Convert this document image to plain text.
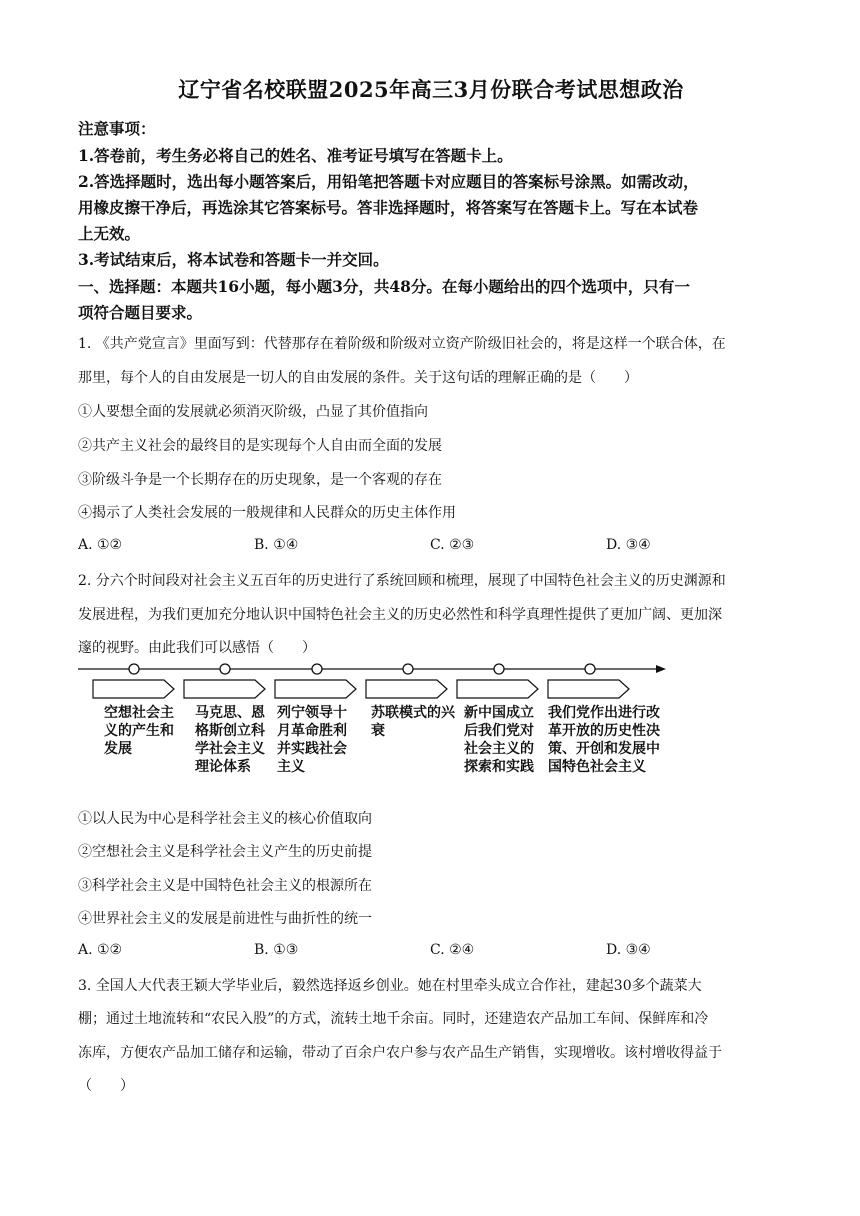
辽宁省名校联盟2025年高三3月份联合考试思想政治
注意事项：
1.答卷前，考生务必将自己的姓名、准考证号填写在答题卡上。
2.答选择题时，选出每小题答案后，用铅笔把答题卡对应题目的答案标号涂黑。如需改动，
用橡皮擦干净后，再选涂其它答案标号。答非选择题时，将答案写在答题卡上。写在本试卷
上无效。
3.考试结束后，将本试卷和答题卡一并交回。
一、选择题：本题共16小题，每小题3分，共48分。在每小题给出的四个选项中，只有一
项符合题目要求。
1. 《共产党宣言》里面写到：代替那存在着阶级和阶级对立资产阶级旧社会的，将是这样一个联合体，在
那里，每个人的自由发展是一切人的自由发展的条件。关于这句话的理解正确的是（　　）
①人要想全面的发展就必须消灭阶级，凸显了其价值指向
②共产主义社会的最终目的是实现每个人自由而全面的发展
③阶级斗争是一个长期存在的历史现象，是一个客观的存在
④揭示了人类社会发展的一般规律和人民群众的历史主体作用
A. ①②	B. ①④	C. ②③	D. ③④
2. 分六个时间段对社会主义五百年的历史进行了系统回顾和梳理，展现了中国特色社会主义的历史渊源和
发展进程，为我们更加充分地认识中国特色社会主义的历史必然性和科学真理性提供了更加广阔、更加深
邃的视野。由此我们可以感悟（　　）
空想社会主义的产生和发展
马克思、恩格斯创立科学社会主义理论体系
列宁领导十月革命胜利并实践社会主义
苏联模式的兴衰
新中国成立后我们党对社会主义的探索和实践
我们党作出进行改革开放的历史性决策、开创和发展中国特色社会主义
①以人民为中心是科学社会主义的核心价值取向
②空想社会主义是科学社会主义产生的历史前提
③科学社会主义是中国特色社会主义的根源所在
④世界社会主义的发展是前进性与曲折性的统一
A. ①②	B. ①③	C. ②④	D. ③④
3. 全国人大代表王颖大学毕业后，毅然选择返乡创业。她在村里牵头成立合作社，建起30多个蔬菜大
棚；通过土地流转和“农民入股”的方式，流转土地千余亩。同时，还建造农产品加工车间、保鲜库和冷
冻库，方便农产品加工储存和运输，带动了百余户农户参与农产品生产销售，实现增收。该村增收得益于
（　　）
